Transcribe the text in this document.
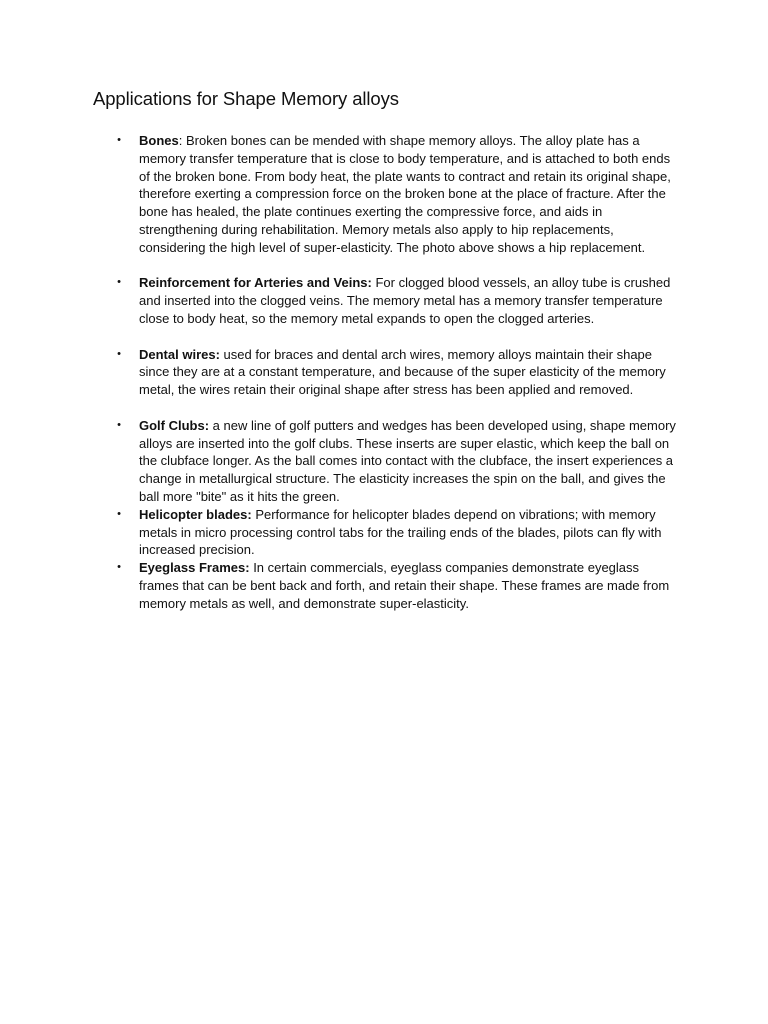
Applications for Shape Memory alloys
• Bones: Broken bones can be mended with shape memory alloys. The alloy plate has a memory transfer temperature that is close to body temperature, and is attached to both ends of the broken bone. From body heat, the plate wants to contract and retain its original shape, therefore exerting a compression force on the broken bone at the place of fracture. After the bone has healed, the plate continues exerting the compressive force, and aids in strengthening during rehabilitation. Memory metals also apply to hip replacements, considering the high level of super-elasticity. The photo above shows a hip replacement.
• Reinforcement for Arteries and Veins: For clogged blood vessels, an alloy tube is crushed and inserted into the clogged veins. The memory metal has a memory transfer temperature close to body heat, so the memory metal expands to open the clogged arteries.
• Dental wires: used for braces and dental arch wires, memory alloys maintain their shape since they are at a constant temperature, and because of the super elasticity of the memory metal, the wires retain their original shape after stress has been applied and removed.
• Golf Clubs: a new line of golf putters and wedges has been developed using, shape memory alloys are inserted into the golf clubs. These inserts are super elastic, which keep the ball on the clubface longer. As the ball comes into contact with the clubface, the insert experiences a change in metallurgical structure. The elasticity increases the spin on the ball, and gives the ball more "bite" as it hits the green.
• Helicopter blades: Performance for helicopter blades depend on vibrations; with memory metals in micro processing control tabs for the trailing ends of the blades, pilots can fly with increased precision.
• Eyeglass Frames: In certain commercials, eyeglass companies demonstrate eyeglass frames that can be bent back and forth, and retain their shape. These frames are made from memory metals as well, and demonstrate super-elasticity.
